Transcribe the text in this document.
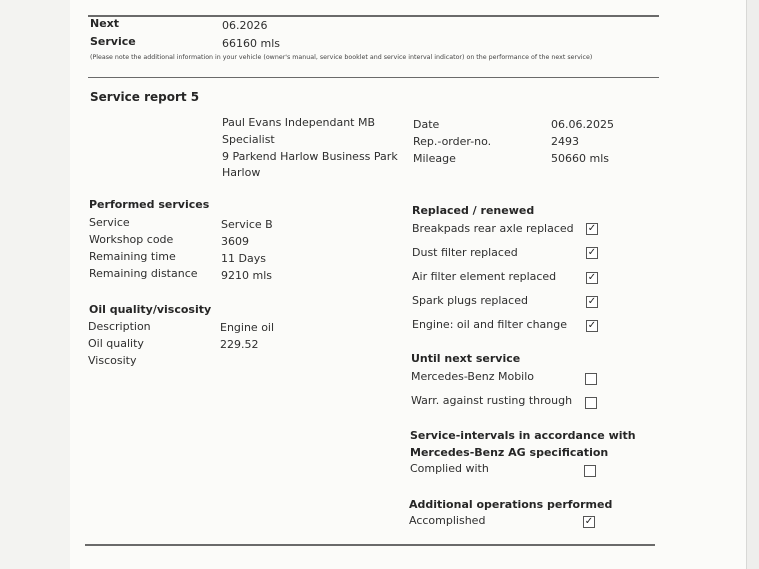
Next	06.2026
Service	66160 mls
(Please note the additional information in your vehicle (owner's manual, service booklet and service interval indicator) on the performance of the next service)
Service report 5
Paul Evans Independant MB
Specialist
9 Parkend Harlow Business Park
Harlow
Date	06.06.2025
Rep.-order-no.	2493
Mileage	50660 mls
Performed services
Service	Service B
Workshop code	3609
Remaining time	11 Days
Remaining distance 9210 mls
Oil quality/viscosity
Description	Engine oil
Oil quality	229.52
Viscosity
Replaced / renewed
Breakpads rear axle replaced ✓
Dust filter replaced	✓
Air filter element replaced	✓
Spark plugs replaced	✓
Engine: oil and filter change ✓
Until next service
Mercedes-Benz Mobilo
Warr. against rusting through
Service-intervals in accordance with
Mercedes-Benz AG specification
Complied with
Additional operations performed
Accomplished	✓
